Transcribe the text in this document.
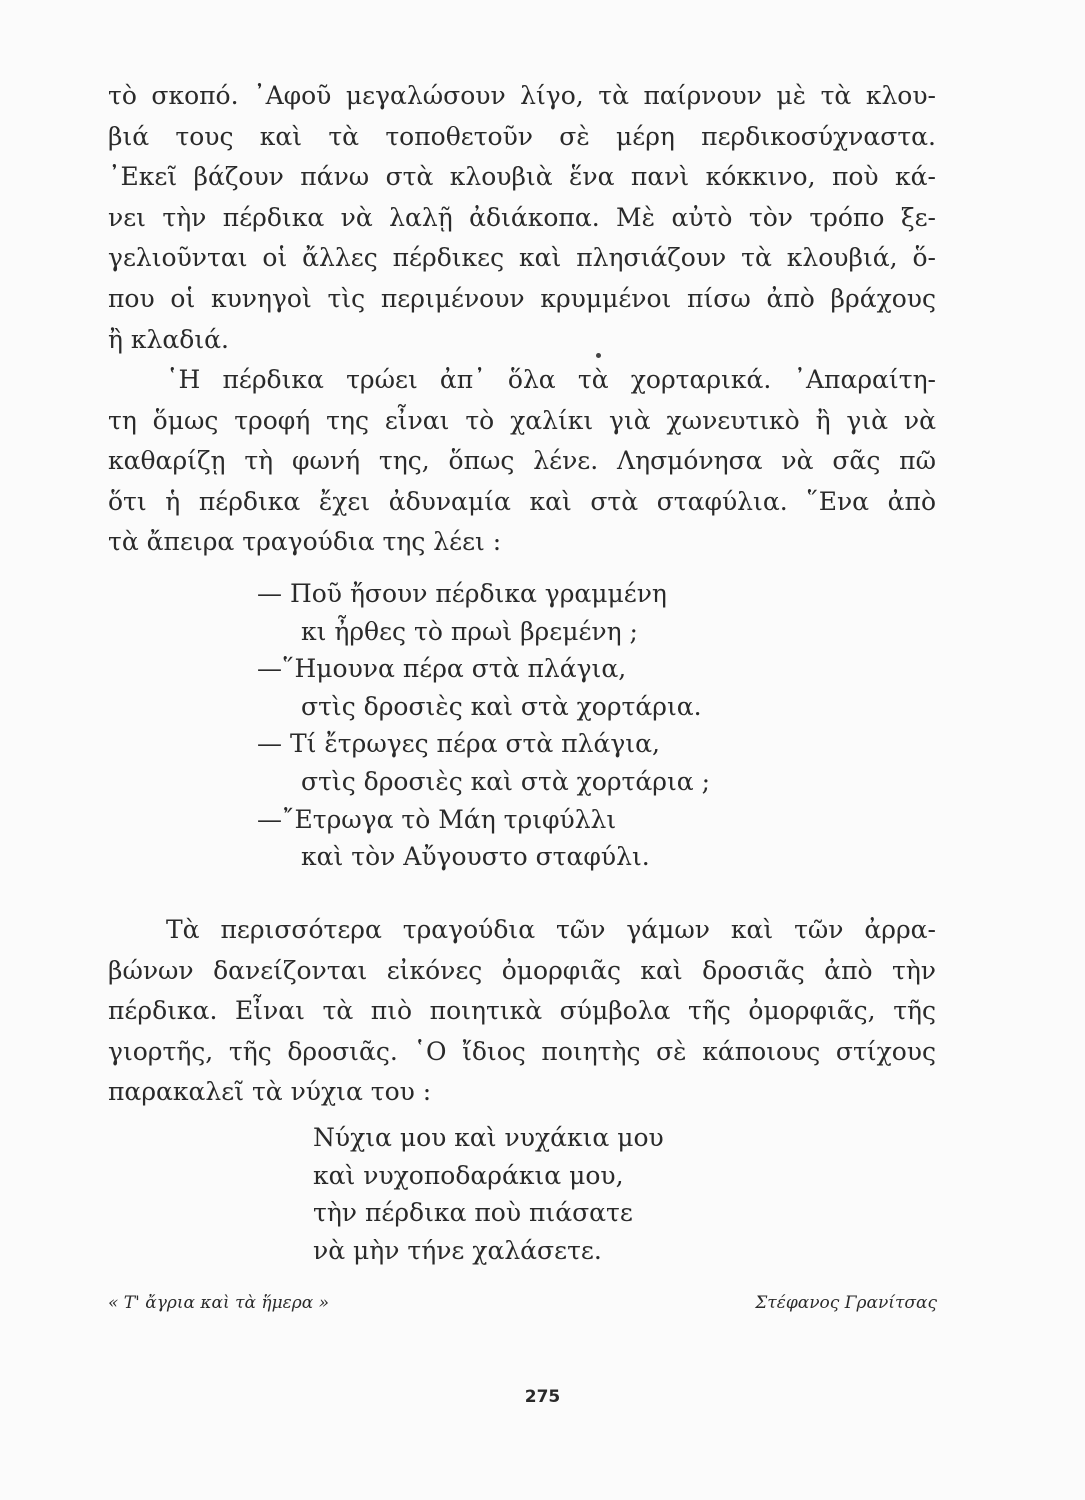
τὸ σκοπό. ᾿Αφοῦ μεγαλώσουν λίγο, τὰ παίρνουν μὲ τὰ κλου-
βιά τους καὶ τὰ τοποθετοῦν σὲ μέρη περδικοσύχναστα.
᾿Εκεῖ βάζουν πάνω στὰ κλουβιὰ ἕνα πανὶ κόκκινο, ποὺ κά-
νει τὴν πέρδικα νὰ λαλῇ ἀδιάκοπα. Μὲ αὐτὸ τὸν τρόπο ξε-
γελιοῦνται οἱ ἄλλες πέρδικες καὶ πλησιάζουν τὰ κλουβιά, ὅ-
που οἱ κυνηγοὶ τὶς περιμένουν κρυμμένοι πίσω ἀπὸ βράχους
ἢ κλαδιά.
῾Η πέρδικα τρώει ἀπ᾿ ὅλα τὰ χορταρικά. ᾿Απαραίτη-
τη ὅμως τροφή της εἶναι τὸ χαλίκι γιὰ χωνευτικὸ ἢ γιὰ νὰ
καθαρίζῃ τὴ φωνή της, ὅπως λένε. Λησμόνησα νὰ σᾶς πῶ
ὅτι ἡ πέρδικα ἔχει ἀδυναμία καὶ στὰ σταφύλια. ῞Ενα ἀπὸ
τὰ ἄπειρα τραγούδια της λέει :
— Ποῦ ἤσουν πέρδικα γραμμένη
κι ἦρθες τὸ πρωὶ βρεμένη ;
—῞Ημουνα πέρα στὰ πλάγια,
στὶς δροσιὲς καὶ στὰ χορτάρια.
— Τί ἔτρωγες πέρα στὰ πλάγια,
στὶς δροσιὲς καὶ στὰ χορτάρια ;
—῎Ετρωγα τὸ Μάη τριφύλλι
καὶ τὸν Αὔγουστο σταφύλι.
Τὰ περισσότερα τραγούδια τῶν γάμων καὶ τῶν ἀρρα-
βώνων δανείζονται εἰκόνες ὀμορφιᾶς καὶ δροσιᾶς ἀπὸ τὴν
πέρδικα. Εἶναι τὰ πιὸ ποιητικὰ σύμβολα τῆς ὀμορφιᾶς, τῆς
γιορτῆς, τῆς δροσιᾶς. ῾Ο ἴδιος ποιητὴς σὲ κάποιους στίχους
παρακαλεῖ τὰ νύχια του :
Νύχια μου καὶ νυχάκια μου
καὶ νυχοποδαράκια μου,
τὴν πέρδικα ποὺ πιάσατε
νὰ μὴν τήνε χαλάσετε.
« Τ' ἄγρια καὶ τὰ ἥμερα »	Στέφανος Γρανίτσας
275
